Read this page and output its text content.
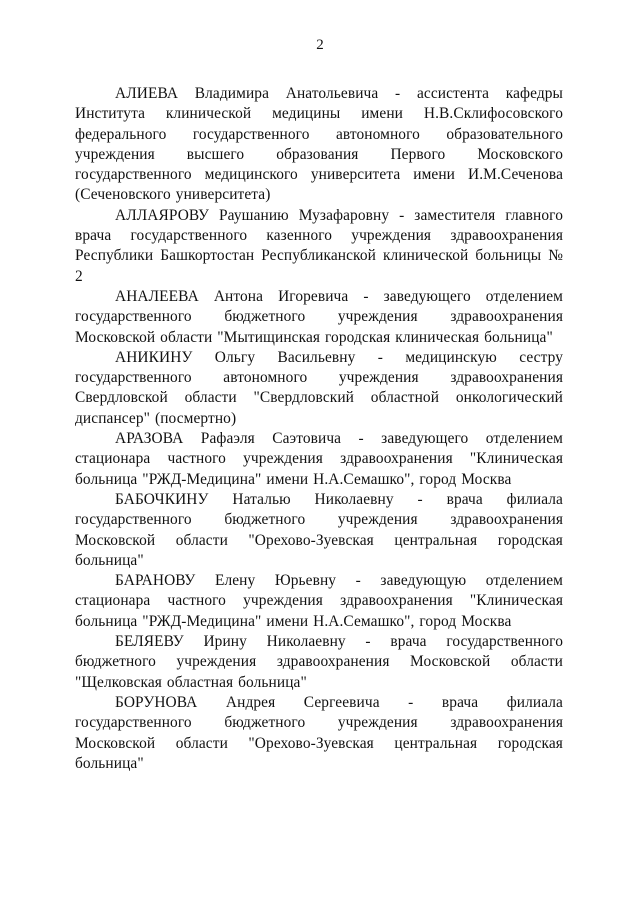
2

АЛИЕВА Владимира Анатольевича - ассистента кафедры Института клинической медицины имени Н.В.Склифосовского федерального государственного автономного образовательного учреждения высшего образования Первого Московского государственного медицинского университета имени И.М.Сеченова (Сеченовского университета)

АЛЛАЯРОВУ Раушанию Музафаровну - заместителя главного врача государственного казенного учреждения здравоохранения Республики Башкортостан Республиканской клинической больницы № 2

АНАЛЕЕВА Антона Игоревича - заведующего отделением государственного бюджетного учреждения здравоохранения Московской области "Мытищинская городская клиническая больница"

АНИКИНУ Ольгу Васильевну - медицинскую сестру государственного автономного учреждения здравоохранения Свердловской области "Свердловский областной онкологический диспансер" (посмертно)

АРАЗОВА Рафаэля Саэтовича - заведующего отделением стационара частного учреждения здравоохранения "Клиническая больница "РЖД-Медицина" имени Н.А.Семашко", город Москва

БАБОЧКИНУ Наталью Николаевну - врача филиала государственного бюджетного учреждения здравоохранения Московской области "Орехово-Зуевская центральная городская больница"

БАРАНОВУ Елену Юрьевну - заведующую отделением стационара частного учреждения здравоохранения "Клиническая больница "РЖД-Медицина" имени Н.А.Семашко", город Москва

БЕЛЯЕВУ Ирину Николаевну - врача государственного бюджетного учреждения здравоохранения Московской области "Щелковская областная больница"

БОРУНОВА Андрея Сергеевича - врача филиала государственного бюджетного учреждения здравоохранения Московской области "Орехово-Зуевская центральная городская больница"
